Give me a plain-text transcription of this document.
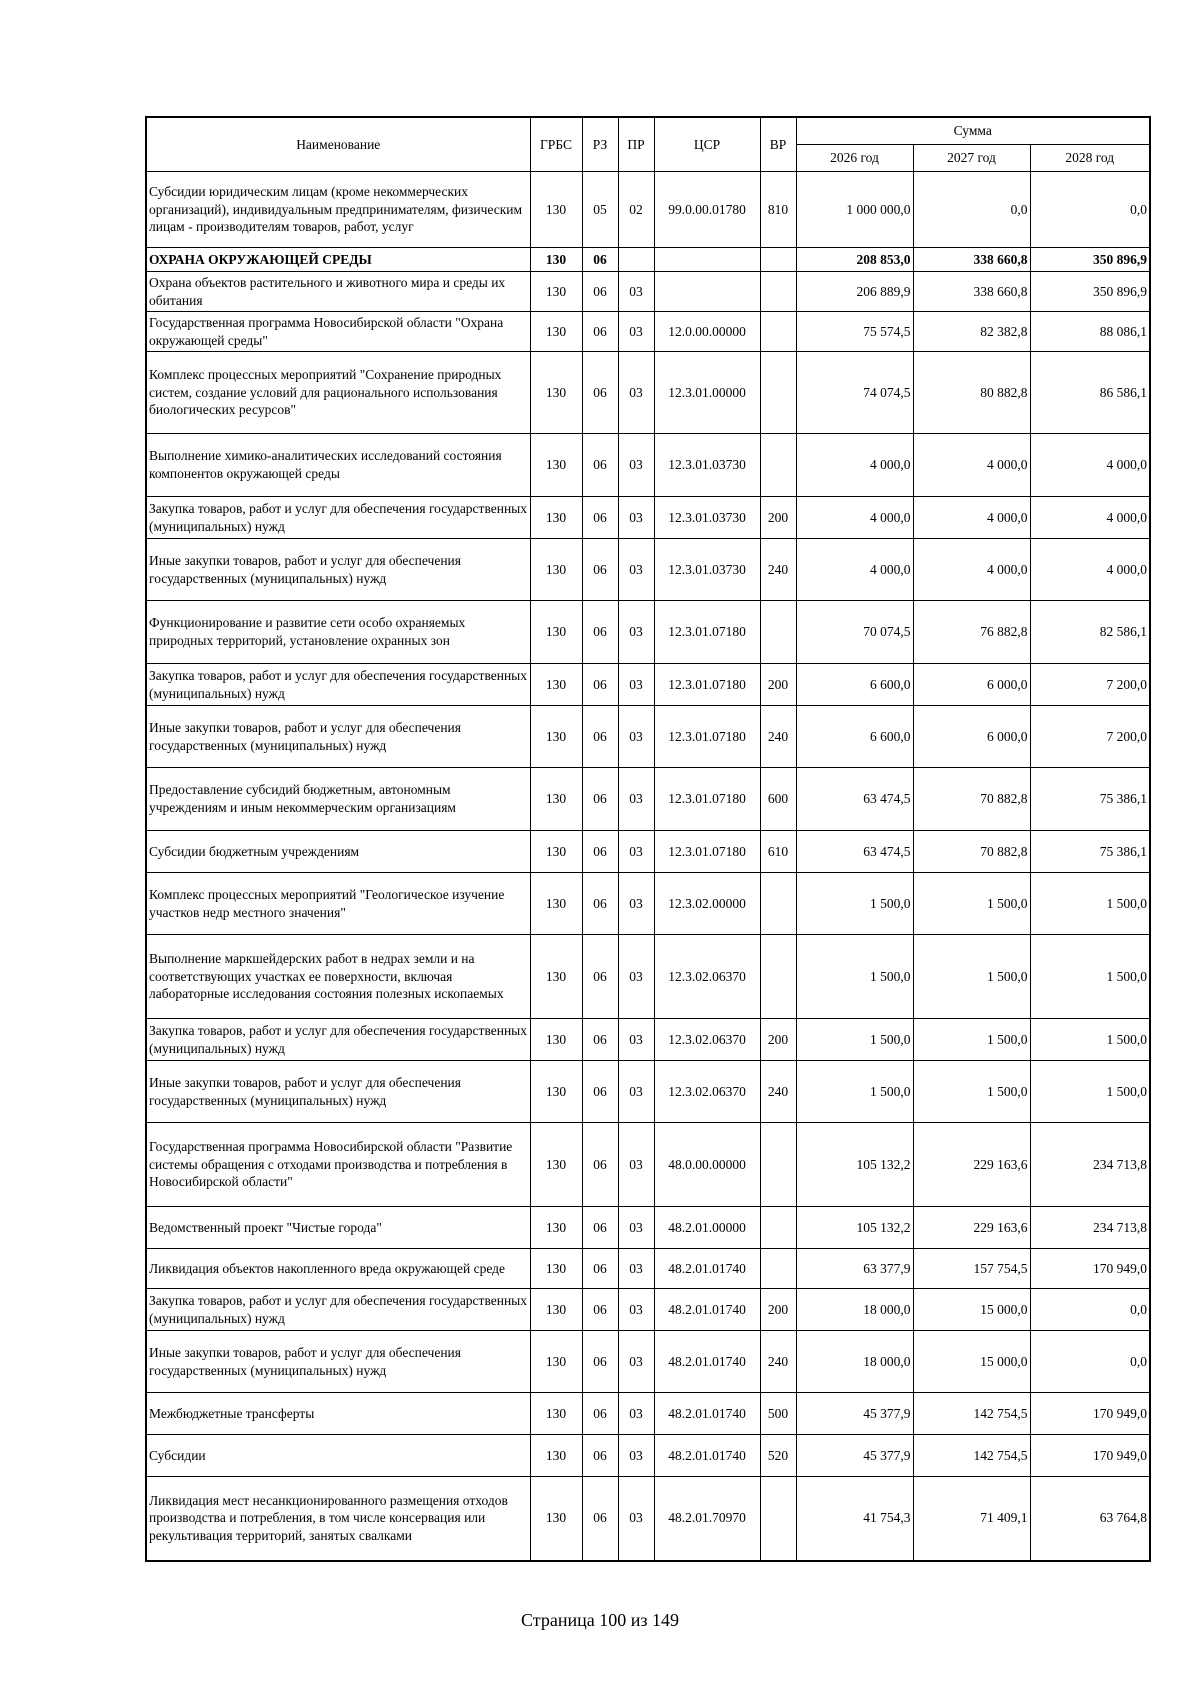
Наименование	ГРБС	РЗ	ПР	ЦСР	ВР	Сумма		
						2026 год	2027 год	2028 год
Субсидии юридическим лицам (кроме некоммерческих организаций), индивидуальным предпринимателям, физическим лицам - производителям товаров, работ, услуг	130	05	02	99.0.00.01780	810	1 000 000,0	0,0	0,0
ОХРАНА ОКРУЖАЮЩЕЙ СРЕДЫ	130	06				208 853,0	338 660,8	350 896,9
Охрана объектов растительного и животного мира и среды их обитания	130	06	03			206 889,9	338 660,8	350 896,9
Государственная программа Новосибирской области "Охрана окружающей среды"	130	06	03	12.0.00.00000		75 574,5	82 382,8	88 086,1
Комплекс процессных мероприятий "Сохранение природных систем, создание условий для рационального использования биологических ресурсов"	130	06	03	12.3.01.00000		74 074,5	80 882,8	86 586,1
Выполнение химико-аналитических исследований состояния компонентов окружающей среды	130	06	03	12.3.01.03730		4 000,0	4 000,0	4 000,0
Закупка товаров, работ и услуг для обеспечения государственных (муниципальных) нужд	130	06	03	12.3.01.03730	200	4 000,0	4 000,0	4 000,0
Иные закупки товаров, работ и услуг для обеспечения государственных (муниципальных) нужд	130	06	03	12.3.01.03730	240	4 000,0	4 000,0	4 000,0
Функционирование и развитие сети особо охраняемых природных территорий, установление охранных зон	130	06	03	12.3.01.07180		70 074,5	76 882,8	82 586,1
Закупка товаров, работ и услуг для обеспечения государственных (муниципальных) нужд	130	06	03	12.3.01.07180	200	6 600,0	6 000,0	7 200,0
Иные закупки товаров, работ и услуг для обеспечения государственных (муниципальных) нужд	130	06	03	12.3.01.07180	240	6 600,0	6 000,0	7 200,0
Предоставление субсидий бюджетным, автономным учреждениям и иным некоммерческим организациям	130	06	03	12.3.01.07180	600	63 474,5	70 882,8	75 386,1
Субсидии бюджетным учреждениям	130	06	03	12.3.01.07180	610	63 474,5	70 882,8	75 386,1
Комплекс процессных мероприятий "Геологическое изучение участков недр местного значения"	130	06	03	12.3.02.00000		1 500,0	1 500,0	1 500,0
Выполнение маркшейдерских работ в недрах земли и на соответствующих участках ее поверхности, включая лабораторные исследования состояния полезных ископаемых	130	06	03	12.3.02.06370		1 500,0	1 500,0	1 500,0
Закупка товаров, работ и услуг для обеспечения государственных (муниципальных) нужд	130	06	03	12.3.02.06370	200	1 500,0	1 500,0	1 500,0
Иные закупки товаров, работ и услуг для обеспечения государственных (муниципальных) нужд	130	06	03	12.3.02.06370	240	1 500,0	1 500,0	1 500,0
Государственная программа Новосибирской области "Развитие системы обращения с отходами производства и потребления в Новосибирской области"	130	06	03	48.0.00.00000		105 132,2	229 163,6	234 713,8
Ведомственный проект "Чистые города"	130	06	03	48.2.01.00000		105 132,2	229 163,6	234 713,8
Ликвидация объектов накопленного вреда окружающей среде	130	06	03	48.2.01.01740		63 377,9	157 754,5	170 949,0
Закупка товаров, работ и услуг для обеспечения государственных (муниципальных) нужд	130	06	03	48.2.01.01740	200	18 000,0	15 000,0	0,0
Иные закупки товаров, работ и услуг для обеспечения государственных (муниципальных) нужд	130	06	03	48.2.01.01740	240	18 000,0	15 000,0	0,0
Межбюджетные трансферты	130	06	03	48.2.01.01740	500	45 377,9	142 754,5	170 949,0
Субсидии	130	06	03	48.2.01.01740	520	45 377,9	142 754,5	170 949,0
Ликвидация мест несанкционированного размещения отходов производства и потребления, в том числе консервация или рекультивация территорий, занятых свалками	130	06	03	48.2.01.70970		41 754,3	71 409,1	63 764,8
Страница 100 из 149
